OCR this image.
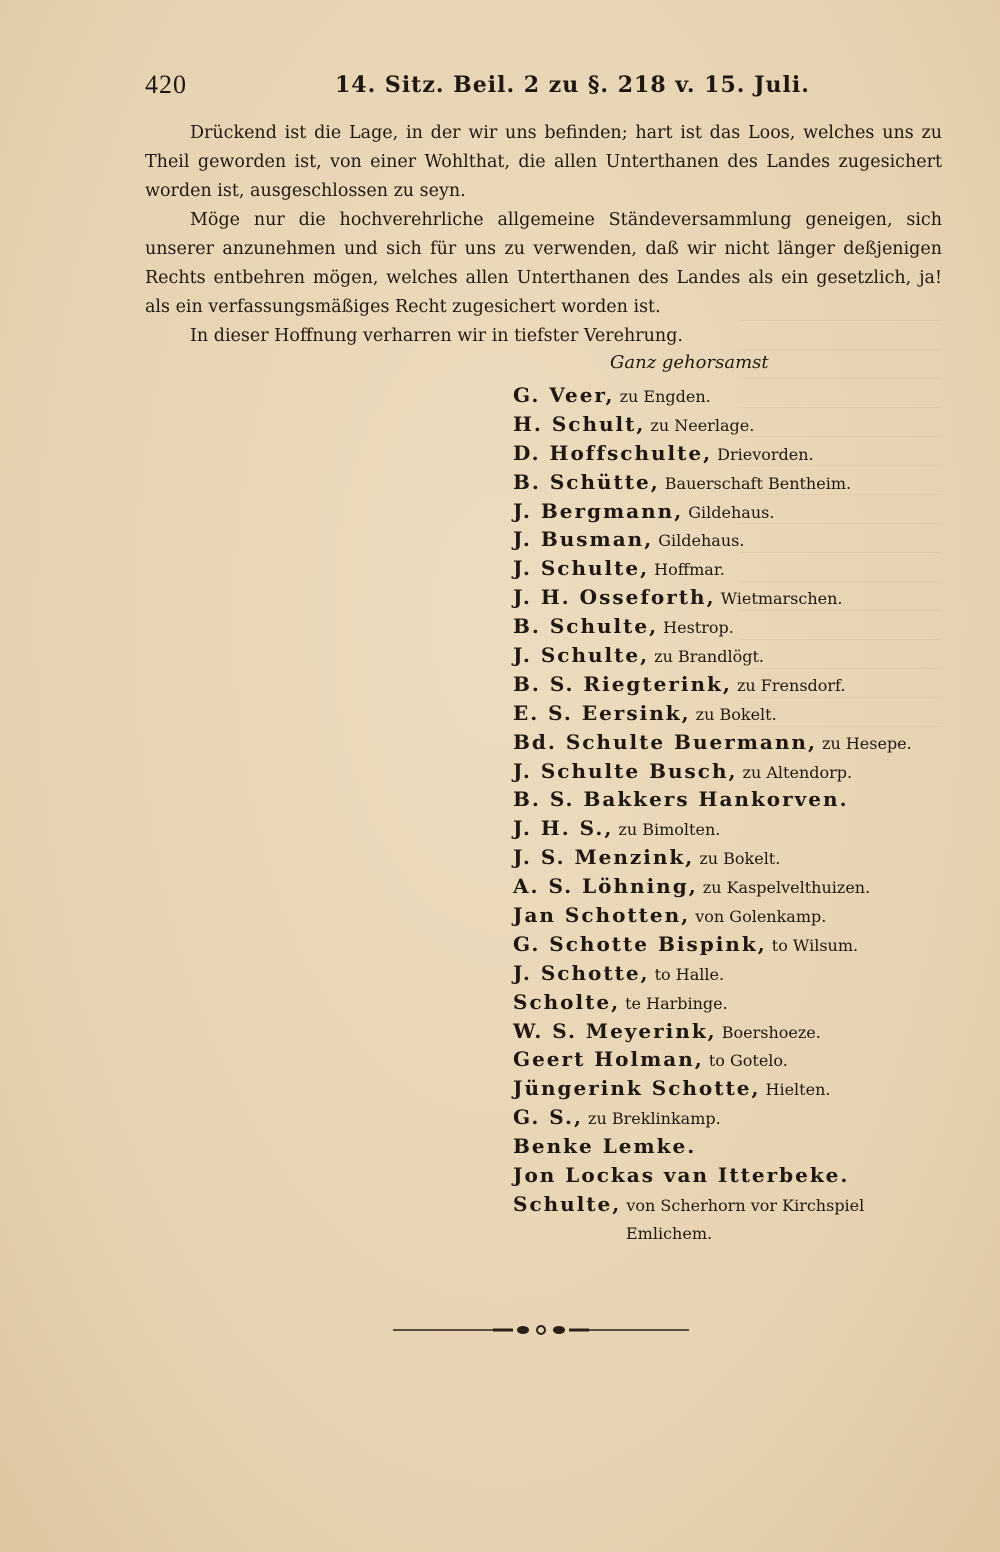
420	14. Sitz. Beil. 2 zu §. 218 v. 15. Juli.

Drückend ist die Lage, in der wir uns befinden; hart ist das Loos, welches uns zu Theil geworden ist, von einer Wohlthat, die allen Unterthanen des Landes zugesichert worden ist, ausgeschlossen zu seyn.

Möge nur die hochverehrliche allgemeine Ständeversammlung geneigen, sich unserer anzunehmen und sich für uns zu verwenden, daß wir nicht länger deßjenigen Rechts entbehren mögen, welches allen Unterthanen des Landes als ein gesetzlich, ja! als ein verfassungsmäßiges Recht zugesichert worden ist.

In dieser Hoffnung verharren wir in tiefster Verehrung.

Ganz gehorsamst
G. Veer, zu Engden.
H. Schult, zu Neerlage.
D. Hoffschulte, Drievorden.
B. Schütte, Bauerschaft Bentheim.
J. Bergmann, Gildehaus.
J. Busman, Gildehaus.
J. Schulte, Hoffmar.
J. H. Osseforth, Wietmarschen.
B. Schulte, Hestrop.
J. Schulte, zu Brandlögt.
B. S. Riegterink, zu Frensdorf.
E. S. Eersink, zu Bokelt.
Bd. Schulte Buermann, zu Hesepe.
J. Schulte Busch, zu Altendorp.
B. S. Bakkers Hankorven.
J. H. S., zu Bimolten.
J. S. Menzink, zu Bokelt.
A. S. Löhning, zu Kaspelvelthuizen.
Jan Schotten, von Golenkamp.
G. Schotte Bispink, to Wilsum.
J. Schotte, to Halle.
Scholte, te Harbinge.
W. S. Meyerink, Boershoeze.
Geert Holman, to Gotelo.
Jüngerink Schotte, Hielten.
G. S., zu Breklinkamp.
Benke Lemke.
Jon Lockas van Itterbeke.
Schulte, von Scherhorn vor Kirchspiel
Emlichem.
